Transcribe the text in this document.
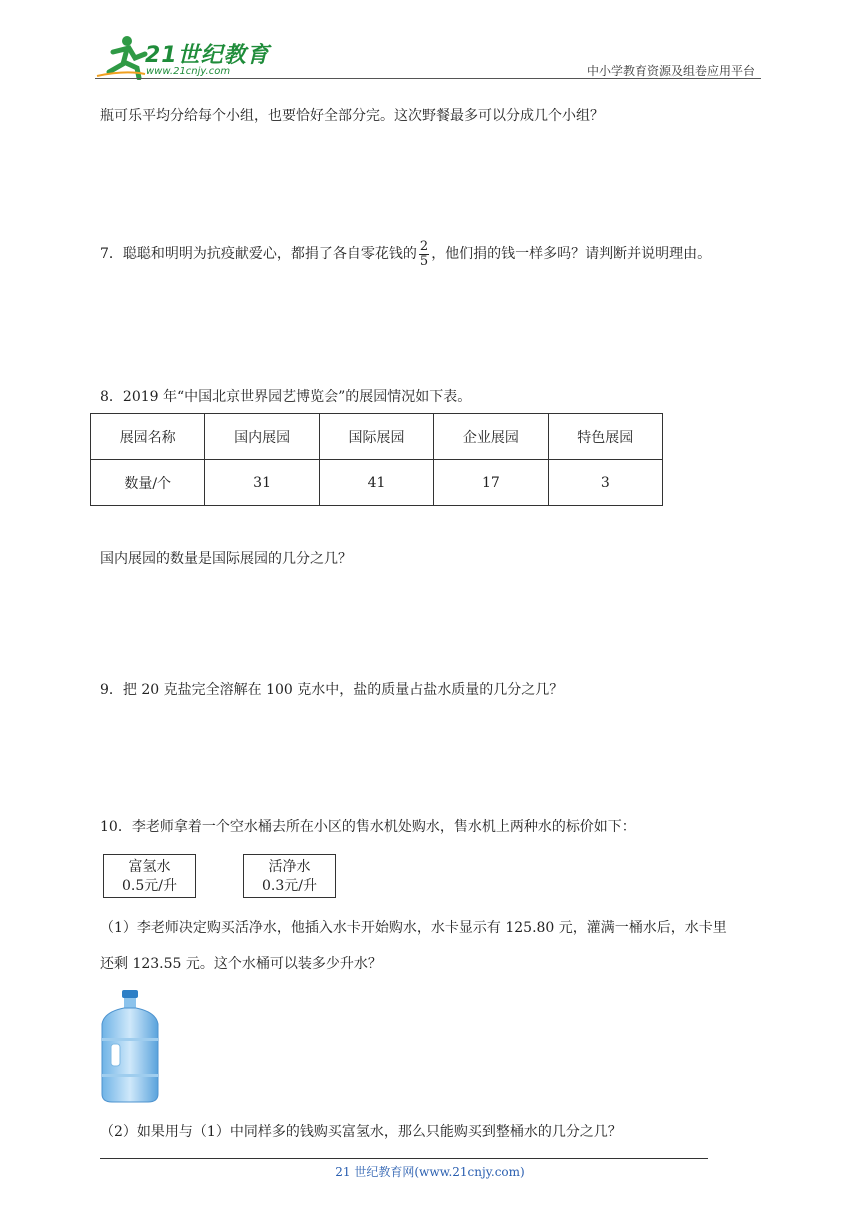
21世纪教育
www.21cnjy.com	中小学教育资源及组卷应用平台
瓶可乐平均分给每个小组，也要恰好全部分完。这次野餐最多可以分成几个小组？
7．聪聪和明明为抗疫献爱心，都捐了各自零花钱的 $\frac{2}{5}$ ，他们捐的钱一样多吗？请判断并说明理由。
8．2019 年“中国北京世界园艺博览会”的展园情况如下表。
展园名称	国内展园	国际展园	企业展园	特色展园
数量/个	31	41	17	3
国内展园的数量是国际展园的几分之几？
9．把 20 克盐完全溶解在 100 克水中，盐的质量占盐水质量的几分之几？
10．李老师拿着一个空水桶去所在小区的售水机处购水，售水机上两种水的标价如下：
富氢水
0.5元/升
活净水
0.3元/升
（1）李老师决定购买活净水，他插入水卡开始购水，水卡显示有 125.80 元，灌满一桶水后，水卡里
还剩 123.55 元。这个水桶可以装多少升水？
（2）如果用与（1）中同样多的钱购买富氢水，那么只能购买到整桶水的几分之几？
21 世纪教育网(www.21cnjy.com)
